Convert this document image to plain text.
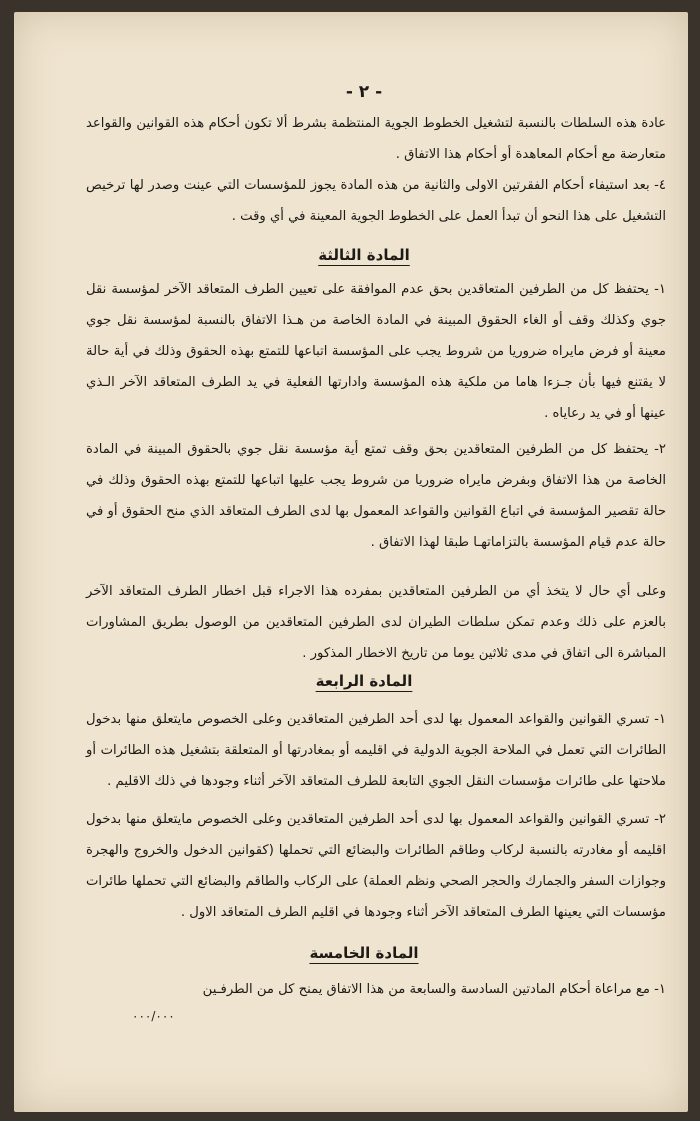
- ٢ -
عادة هذه السلطات بالنسبة لتشغيل الخطوط الجوية المنتظمة بشرط ألا تكون أحكام هذه القوانين والقواعد متعارضة مع أحكام المعاهدة أو أحكام هذا الاتفاق .
٤- بعد استيفاء أحكام الفقرتين الاولى والثانية من هذه المادة يجوز للمؤسسات التي عينت وصدر لها ترخيص التشغيل على هذا النحو أن تبدأ العمل على الخطوط الجوية المعينة في أي وقت .
المادة الثالثة
١- يحتفظ كل من الطرفين المتعاقدين بحق عدم الموافقة على تعيين الطرف المتعاقد الآخر لمؤسسة نقل جوي وكذلك وقف أو الغاء الحقوق المبينة في المادة الخاصة من هـذا الاتفاق بالنسبة لمؤسسة نقل جوي معينة أو فرض مايراه ضروريا من شروط يجب على المؤسسة اتباعها للتمتع بهذه الحقوق وذلك في أية حالة لا يقتنع فيها بأن جـزءا هاما من ملكية هذه المؤسسة وادارتها الفعلية في يد الطرف المتعاقد الآخر الـذي عينها أو في يد رعاياه .
٢- يحتفظ كل من الطرفين المتعاقدين بحق وقف تمتع أية مؤسسة نقل جوي بالحقوق المبينة في المادة الخاصة من هذا الاتفاق وبفرض مايراه ضروريا من شروط يجب عليها اتباعها للتمتع بهذه الحقوق وذلك في حالة تقصير المؤسسة في اتباع القوانين والقواعد المعمول بها لدى الطرف المتعاقد الذي منح الحقوق أو في حالة عدم قيام المؤسسة بالتزاماتهـا طبقا لهذا الاتفاق .
وعلى أي حال لا يتخذ أي من الطرفين المتعاقدين بمفرده هذا الاجراء قبل اخطار الطرف المتعاقد الآخر بالعزم على ذلك وعدم تمكن سلطات الطيران لدى الطرفين المتعاقدين من الوصول بطريق المشاورات المباشرة الى اتفاق في مدى ثلاثين يوما من تاريخ الاخطار المذكور .
المادة الرابعة
١- تسري القوانين والقواعد المعمول بها لدى أحد الطرفين المتعاقدين وعلى الخصوص مايتعلق منها بدخول الطائرات التي تعمل في الملاحة الجوية الدولية في اقليمه أو بمغادرتها أو المتعلقة بتشغيل هذه الطائرات أو ملاحتها على طائرات مؤسسات النقل الجوي التابعة للطرف المتعاقد الآخر أثناء وجودها في ذلك الاقليم .
٢- تسري القوانين والقواعد المعمول بها لدى أحد الطرفين المتعاقدين وعلى الخصوص مايتعلق منها بدخول اقليمه أو مغادرته بالنسبة لركاب وطاقم الطائرات والبضائع التي تحملها (كقوانين الدخول والخروج والهجرة وجوازات السفر والجمارك والحجر الصحي ونظم العملة) على الركاب والطاقم والبضائع التي تحملها طائرات مؤسسات التي يعينها الطرف المتعاقد الآخر أثناء وجودها في اقليم الطرف المتعاقد الاول .
المادة الخامسة
١- مع مراعاة أحكام المادتين السادسة والسابعة من هذا الاتفاق يمنح كل من الطرفـين
٠٠٠/٠٠٠
